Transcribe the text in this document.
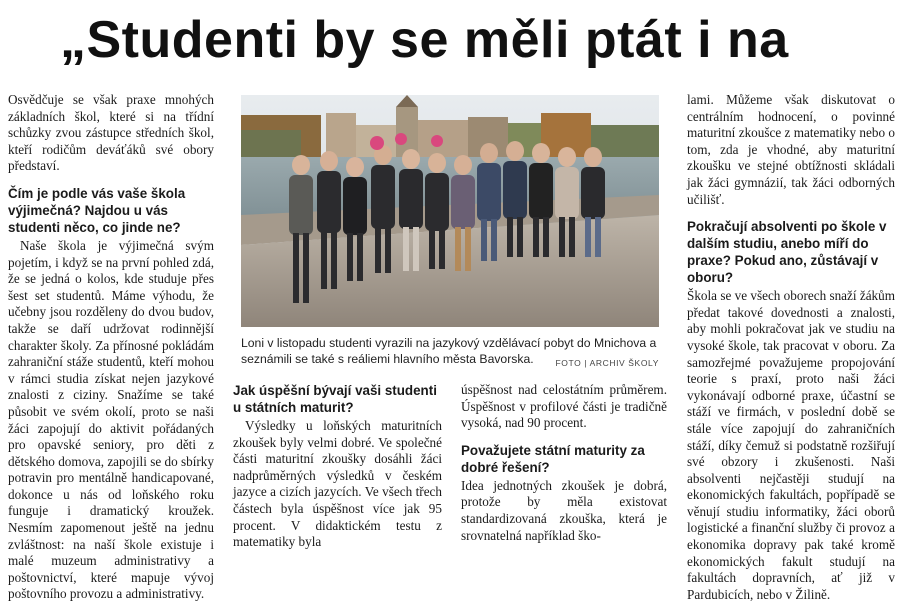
„Studenti by se měli ptát i na

Osvědčuje se však praxe mnohých základních škol, které si na třídní schůzky zvou zástupce středních škol, kteří rodičům deváťáků své obory představí.

Čím je podle vás vaše škola výjimečná? Najdou u vás studenti něco, co jinde ne?

Naše škola je výjimečná svým pojetím, i když se na první pohled zdá, že se jedná o kolos, kde studuje přes šest set studentů. Máme výhodu, že učebny jsou rozděleny do dvou budov, takže se daří udržovat rodinnější charakter školy. Za přínosné pokládám zahraniční stáže studentů, kteří mohou v rámci studia získat nejen jazykové znalosti z ciziny. Snažíme se také působit ve svém okolí, proto se naši žáci zapojují do aktivit pořádaných pro opavské seniory, pro děti z dětského domova, zapojili se do sbírky potravin pro mentálně handicapované, dokonce u nás od loňského roku funguje i dramatický kroužek. Nesmím zapomenout ještě na jednu zvláštnost: na naší škole existuje i malé muzeum administrativy a poštovnictví, které mapuje vývoj poštovního provozu a administrativy.

Loni v listopadu studenti vyrazili na jazykový vzdělávací pobyt do Mnichova a seznámili se také s reáliemi hlavního města Bavorska.	FOTO | ARCHIV ŠKOLY
Jak úspěšní bývají vaši studenti u státních maturit?

Výsledky u loňských maturitních zkoušek byly velmi dobré. Ve společné části maturitní zkoušky dosáhli žáci nadprůměrných výsledků v českém jazyce a cizích jazycích. Ve všech třech částech byla úspěšnost více jak 95 procent. V didaktickém testu z matematiky byla

úspěšnost nad celostátním průměrem. Úspěšnost v profilové části je tradičně vysoká, nad 90 procent.

Považujete státní maturity za dobré řešení?

Idea jednotných zkoušek je dobrá, protože by měla existovat standardizovaná zkouška, která je srovnatelná například ško-

lami. Můžeme však diskutovat o centrálním hodnocení, o povinné maturitní zkoušce z matematiky nebo o tom, zda je vhodné, aby maturitní zkoušku ve stejné obtížnosti skládali jak žáci gymnázií, tak žáci odborných učilišť.

Pokračují absolventi po škole v dalším studiu, anebo míří do praxe? Pokud ano, zůstávají v oboru?

Škola se ve všech oborech snaží žákům předat takové dovednosti a znalosti, aby mohli pokračovat jak ve studiu na vysoké škole, tak pracovat v oboru. Za samozřejmé považujeme propojování teorie s praxí, proto naši žáci vykonávají odborné praxe, účastní se stáží ve firmách, v poslední době se stále více zapojují do zahraničních stáží, díky čemuž si podstatně rozšiřují své obzory i zkušenosti. Naši absolventi nejčastěji studují na ekonomických fakultách, popřípadě se věnují studiu informatiky, žáci oborů logistické a finanční služby či provoz a ekonomika dopravy pak také kromě ekonomických fakult studují na fakultách dopravních, ať již v Pardubicích, nebo v Žilině.
